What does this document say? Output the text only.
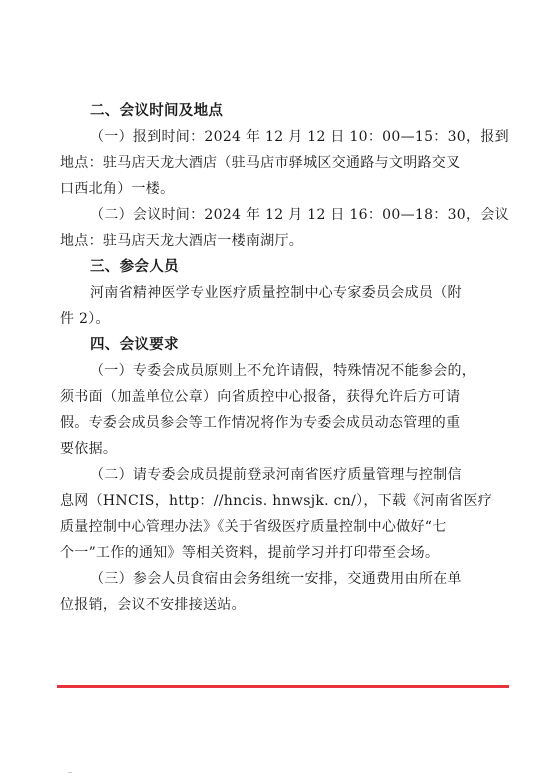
二、会议时间及地点
（一）报到时间：2024 年 12 月 12 日 10：00—15：30，报到
地点：驻马店天龙大酒店（驻马店市驿城区交通路与文明路交叉
口西北角）一楼。
（二）会议时间：2024 年 12 月 12 日 16：00—18：30，会议
地点：驻马店天龙大酒店一楼南湖厅。
三、参会人员
河南省精神医学专业医疗质量控制中心专家委员会成员（附
件 2）。
四、会议要求
（一）专委会成员原则上不允许请假，特殊情况不能参会的，
须书面（加盖单位公章）向省质控中心报备，获得允许后方可请
假。专委会成员参会等工作情况将作为专委会成员动态管理的重
要依据。
（二）请专委会成员提前登录河南省医疗质量管理与控制信
息网（HNCIS，http：//hncis. hnwsjk. cn/），下载《河南省医疗
质量控制中心管理办法》《关于省级医疗质量控制中心做好“七
个一”工作的通知》等相关资料，提前学习并打印带至会场。
（三）参会人员食宿由会务组统一安排，交通费用由所在单
位报销，会议不安排接送站。
